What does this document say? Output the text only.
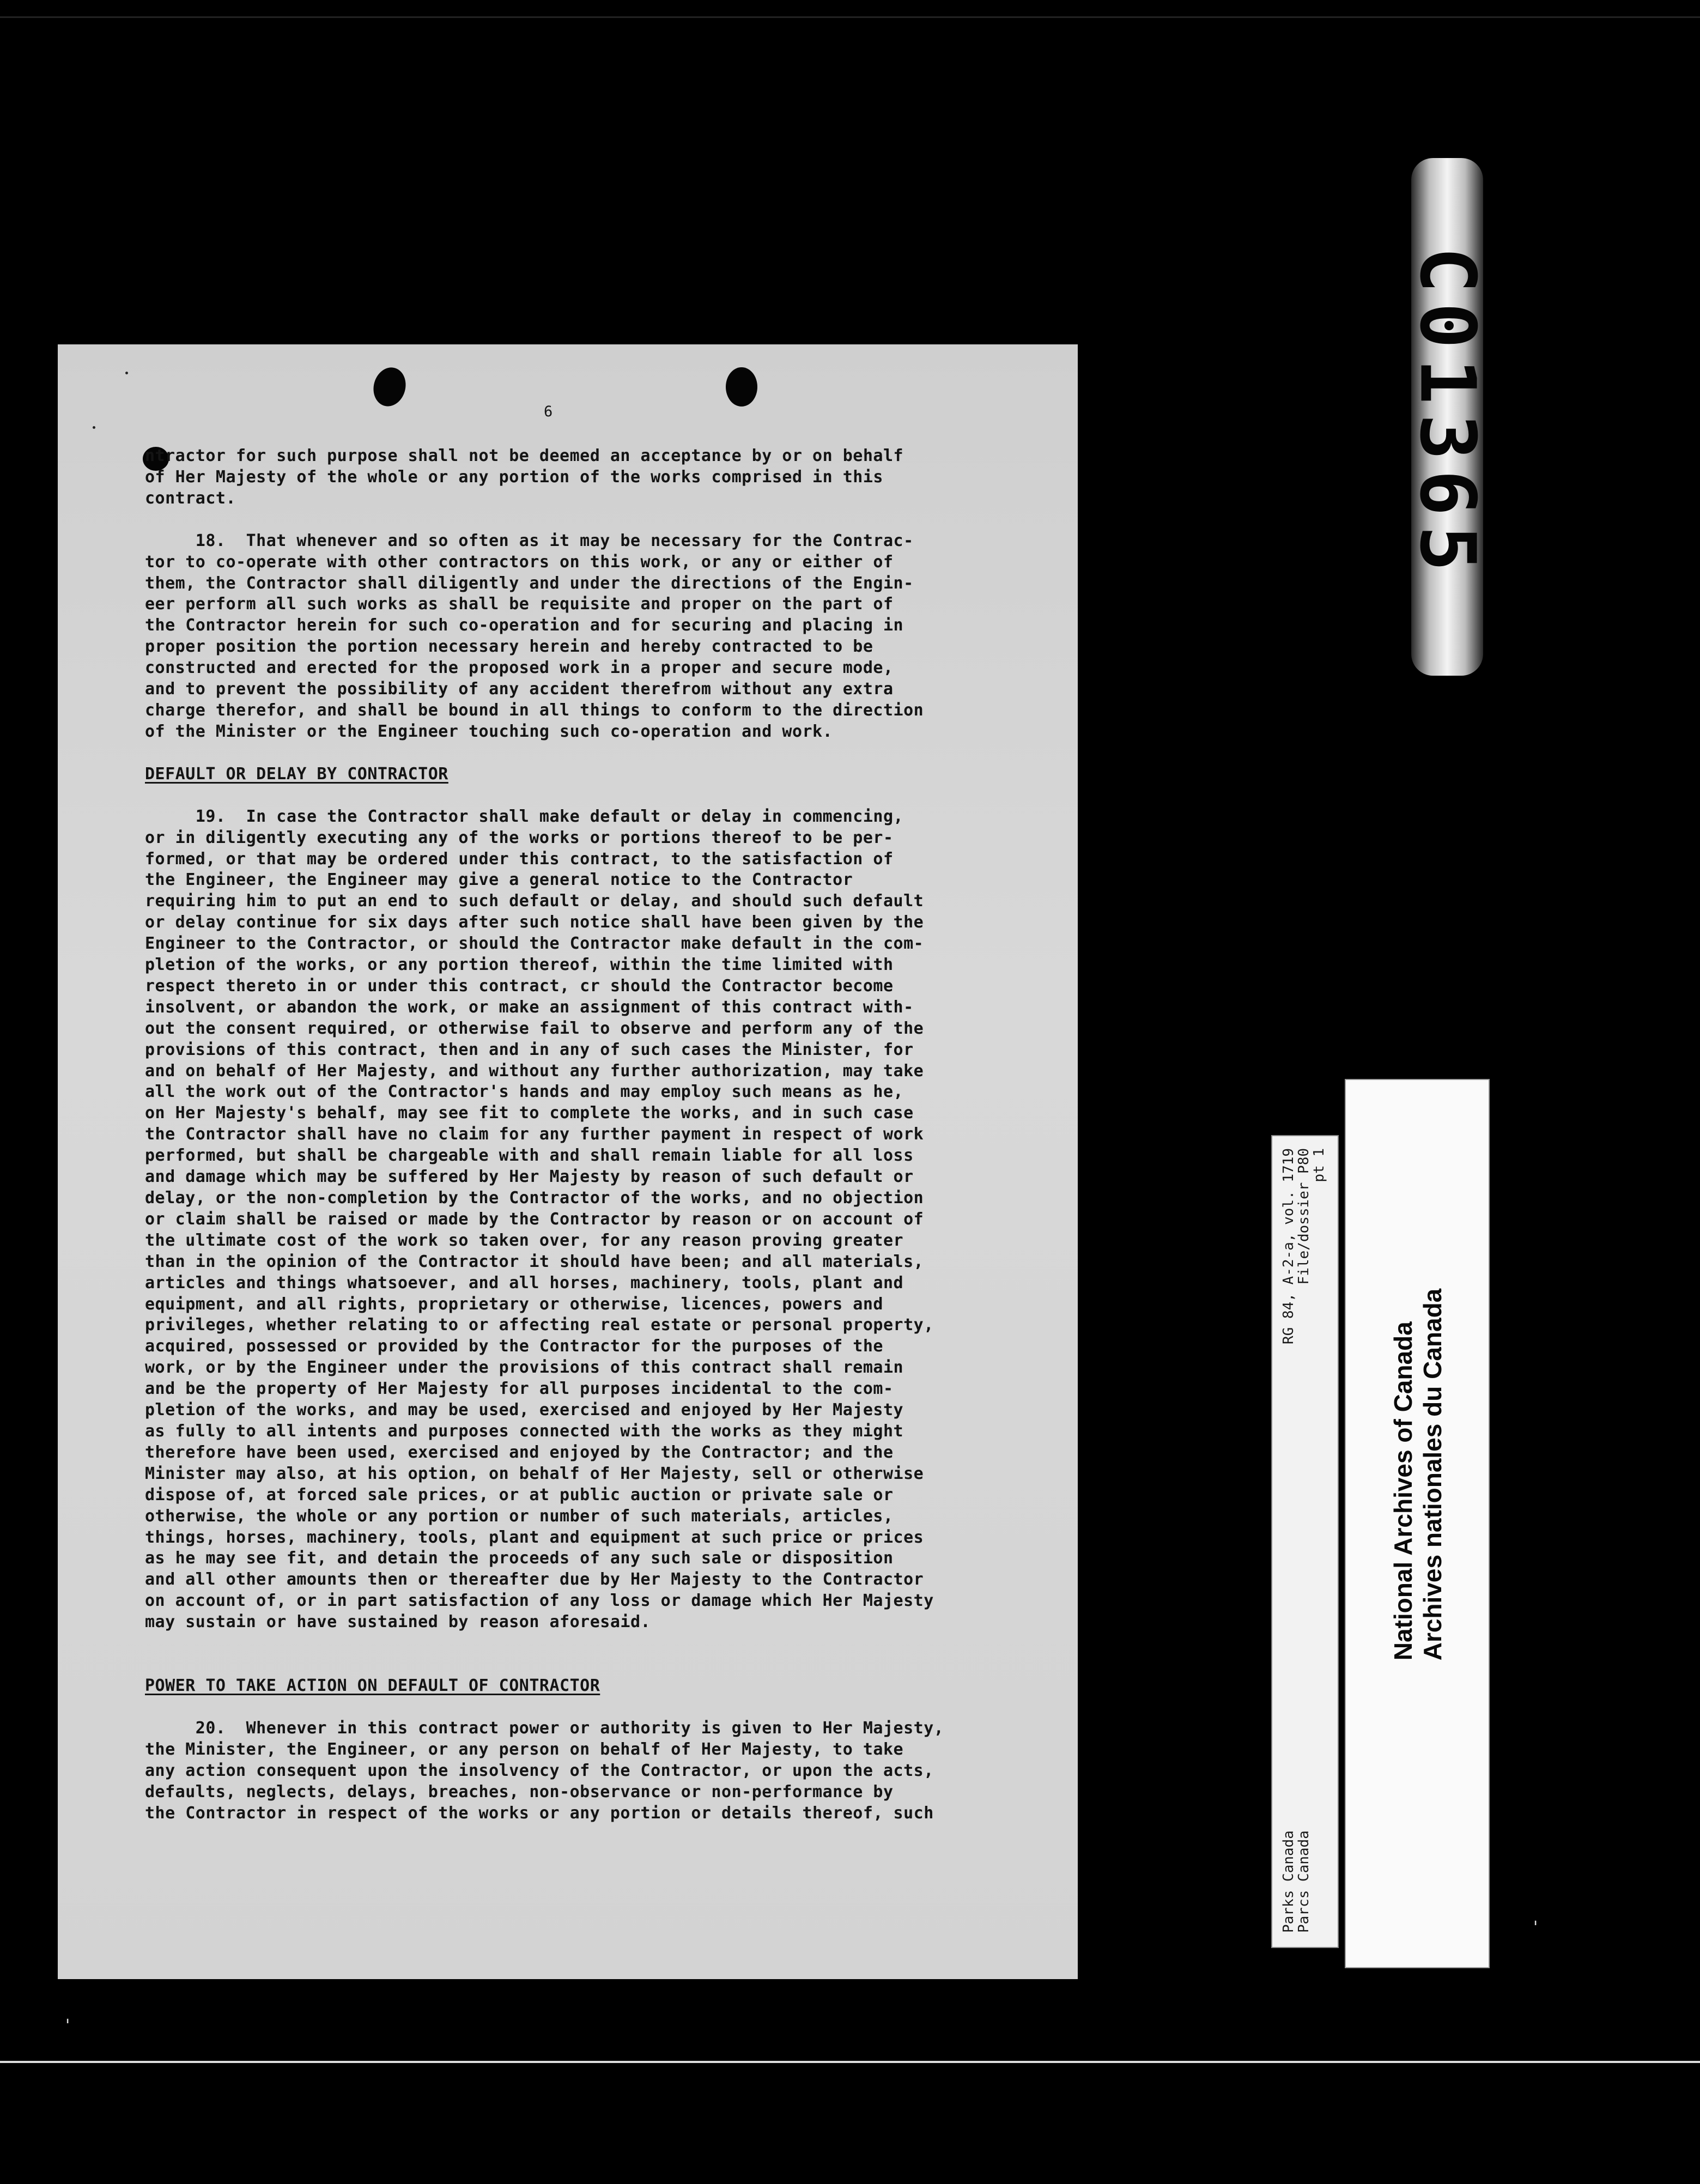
6

ntractor for such purpose shall not be deemed an acceptance by or on behalf

of Her Majesty of the whole or any portion of the works comprised in this

contract.

18.  That whenever and so often as it may be necessary for the Contrac-

tor to co-operate with other contractors on this work, or any or either of

them, the Contractor shall diligently and under the directions of the Engin-

eer perform all such works as shall be requisite and proper on the part of

the Contractor herein for such co-operation and for securing and placing in

proper position the portion necessary herein and hereby contracted to be

constructed and erected for the proposed work in a proper and secure mode,

and to prevent the possibility of any accident therefrom without any extra

charge therefor, and shall be bound in all things to conform to the direction

of the Minister or the Engineer touching such co-operation and work.

DEFAULT OR DELAY BY CONTRACTOR

19.  In case the Contractor shall make default or delay in commencing,

or in diligently executing any of the works or portions thereof to be per-

formed, or that may be ordered under this contract, to the satisfaction of

the Engineer, the Engineer may give a general notice to the Contractor

requiring him to put an end to such default or delay, and should such default

or delay continue for six days after such notice shall have been given by the

Engineer to the Contractor, or should the Contractor make default in the com-

pletion of the works, or any portion thereof, within the time limited with

respect thereto in or under this contract, cr should the Contractor become

insolvent, or abandon the work, or make an assignment of this contract with-

out the consent required, or otherwise fail to observe and perform any of the

provisions of this contract, then and in any of such cases the Minister, for

and on behalf of Her Majesty, and without any further authorization, may take

all the work out of the Contractor's hands and may employ such means as he,

on Her Majesty's behalf, may see fit to complete the works, and in such case

the Contractor shall have no claim for any further payment in respect of work

performed, but shall be chargeable with and shall remain liable for all loss

and damage which may be suffered by Her Majesty by reason of such default or

delay, or the non-completion by the Contractor of the works, and no objection

or claim shall be raised or made by the Contractor by reason or on account of

the ultimate cost of the work so taken over, for any reason proving greater

than in the opinion of the Contractor it should have been; and all materials,

articles and things whatsoever, and all horses, machinery, tools, plant and

equipment, and all rights, proprietary or otherwise, licences, powers and

privileges, whether relating to or affecting real estate or personal property,

acquired, possessed or provided by the Contractor for the purposes of the

work, or by the Engineer under the provisions of this contract shall remain

and be the property of Her Majesty for all purposes incidental to the com-

pletion of the works, and may be used, exercised and enjoyed by Her Majesty

as fully to all intents and purposes connected with the works as they might

therefore have been used, exercised and enjoyed by the Contractor; and the

Minister may also, at his option, on behalf of Her Majesty, sell or otherwise

dispose of, at forced sale prices, or at public auction or private sale or

otherwise, the whole or any portion or number of such materials, articles,

things, horses, machinery, tools, plant and equipment at such price or prices

as he may see fit, and detain the proceeds of any such sale or disposition

and all other amounts then or thereafter due by Her Majesty to the Contractor

on account of, or in part satisfaction of any loss or damage which Her Majesty

may sustain or have sustained by reason aforesaid.

POWER TO TAKE ACTION ON DEFAULT OF CONTRACTOR

20.  Whenever in this contract power or authority is given to Her Majesty,

the Minister, the Engineer, or any person on behalf of Her Majesty, to take

any action consequent upon the insolvency of the Contractor, or upon the acts,

defaults, neglects, delays, breaches, non-observance or non-performance by

the Contractor in respect of the works or any portion or details thereof, such

C01365
Parks Canada
RG 84, A-2-a, vol. 1719
Parcs Canada
File/dossier P80
pt 1
National Archives of Canada Archives nationales du Canada
'
'
